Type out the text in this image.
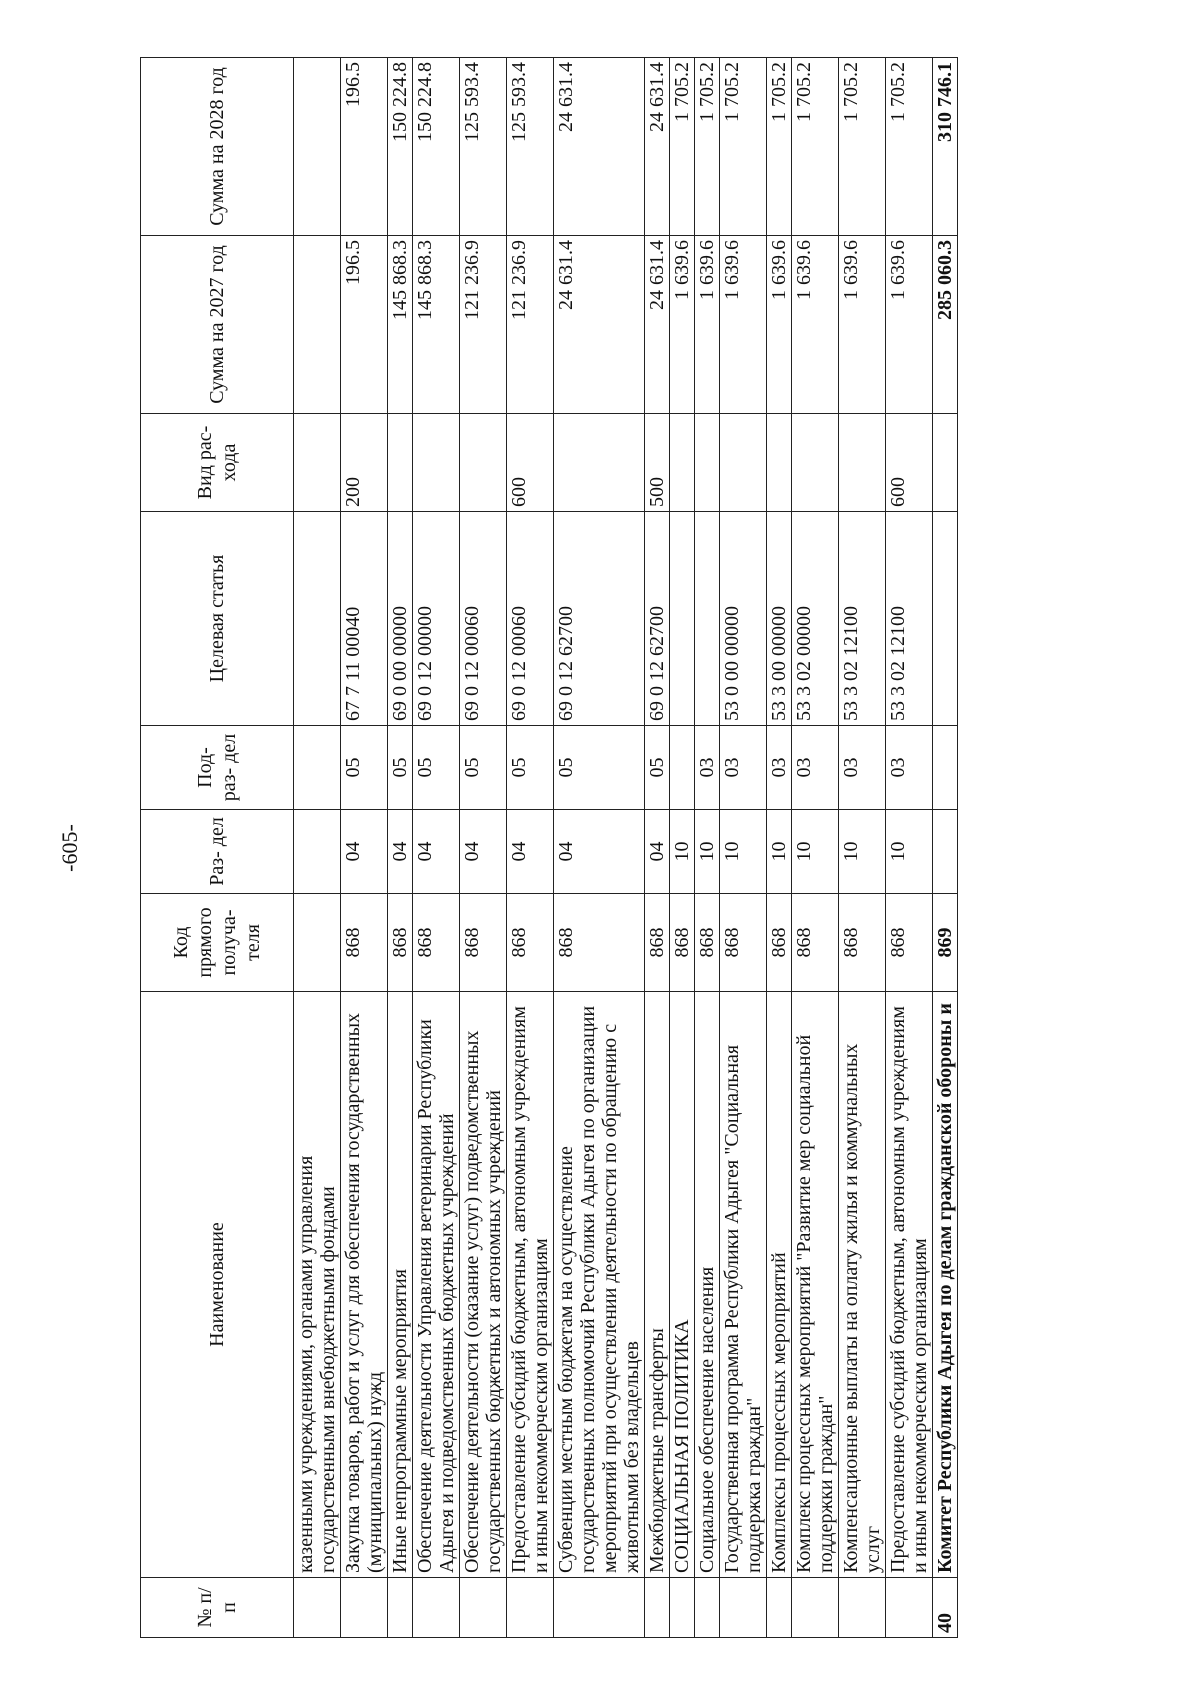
-605-
№ п/п	Наименование	Код прямого получа- теля	Раз- дел	Под- раз- дел	Целевая статья	Вид рас- хода	Сумма на 2027 год	Сумма на 2028 год
	казенными учреждениями, органами управления государственными внебюджетными фондами							
	Закупка товаров, работ и услуг для обеспечения государственных (муниципальных) нужд	868	04	05	67 7 11 00040	200	196.5	196.5
	Иные непрограммные мероприятия	868	04	05	69 0 00 00000		145 868.3	150 224.8
	Обеспечение деятельности Управления ветеринарии Республики Адыгея и подведомственных бюджетных учреждений	868	04	05	69 0 12 00000		145 868.3	150 224.8
	Обеспечение деятельности (оказание услуг) подведомственных государственных бюджетных и автономных учреждений	868	04	05	69 0 12 00060		121 236.9	125 593.4
	Предоставление субсидий бюджетным, автономным учреждениям и иным некоммерческим организациям	868	04	05	69 0 12 00060	600	121 236.9	125 593.4
	Субвенции местным бюджетам на осуществление государственных полномочий Республики Адыгея по организации мероприятий при осуществлении деятельности по обращению с животными без владельцев	868	04	05	69 0 12 62700		24 631.4	24 631.4
	Межбюджетные трансферты	868	04	05	69 0 12 62700	500	24 631.4	24 631.4
	СОЦИАЛЬНАЯ ПОЛИТИКА	868	10				1 639.6	1 705.2
	Социальное обеспечение населения	868	10	03			1 639.6	1 705.2
	Государственная программа Республики Адыгея "Социальная поддержка граждан"	868	10	03	53 0 00 00000		1 639.6	1 705.2
	Комплексы процессных мероприятий	868	10	03	53 3 00 00000		1 639.6	1 705.2
	Комплекс процессных мероприятий "Развитие мер социальной поддержки граждан"	868	10	03	53 3 02 00000		1 639.6	1 705.2
	Компенсационные выплаты на оплату жилья и коммунальных услуг	868	10	03	53 3 02 12100		1 639.6	1 705.2
	Предоставление субсидий бюджетным, автономным учреждениям и иным некоммерческим организациям	868	10	03	53 3 02 12100	600	1 639.6	1 705.2
40	Комитет Республики Адыгея по делам гражданской обороны и	869					285 060.3	310 746.1
